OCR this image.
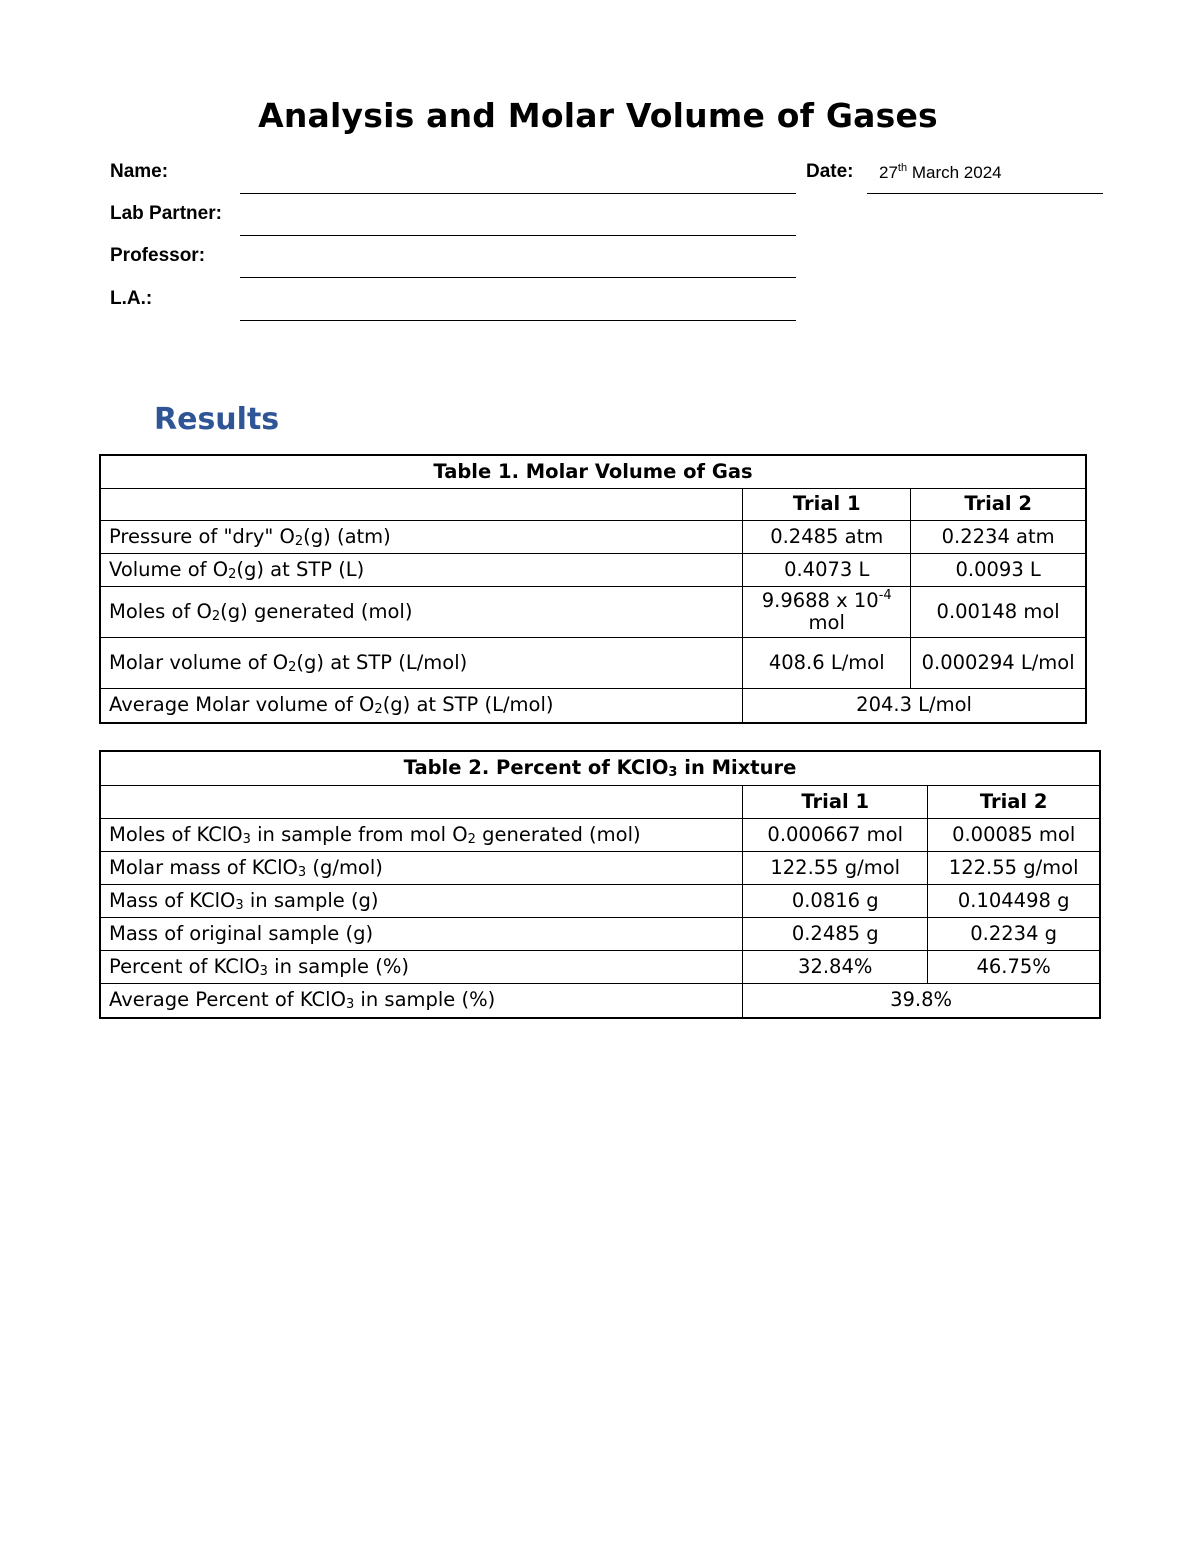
Analysis and Molar Volume of Gases
Name:
Lab Partner:
Professor:
L.A.:
Date: 27th March 2024
Results
Table 1. Molar Volume of Gas		
	Trial 1	Trial 2
Pressure of "dry" $O_2(g)$ (atm)	0.2485 atm	0.2234 atm
Volume of $O_2(g)$ at STP (L)	0.4073 L	0.0093 L
Moles of $O_2(g)$ generated (mol)	9.9688 x $10^{-4}$ mol	0.00148 mol
Molar volume of $O_2(g)$ at STP (L/mol)	408.6 L/mol	0.000294 L/mol
Average Molar volume of $O_2(g)$ at STP (L/mol)	204.3 L/mol	
Table 2. Percent of KClO$_3$ in Mixture		
	Trial 1	Trial 2
Moles of KClO$_3$ in sample from mol $O_2$ generated (mol)	0.000667 mol	0.00085 mol
Molar mass of KClO$_3$ (g/mol)	122.55 g/mol	122.55 g/mol
Mass of KClO$_3$ in sample (g)	0.0816 g	0.104498 g
Mass of original sample (g)	0.2485 g	0.2234 g
Percent of KClO$_3$ in sample (%)	32.84%	46.75%
Average Percent of KClO$_3$ in sample (%)	39.8%	
